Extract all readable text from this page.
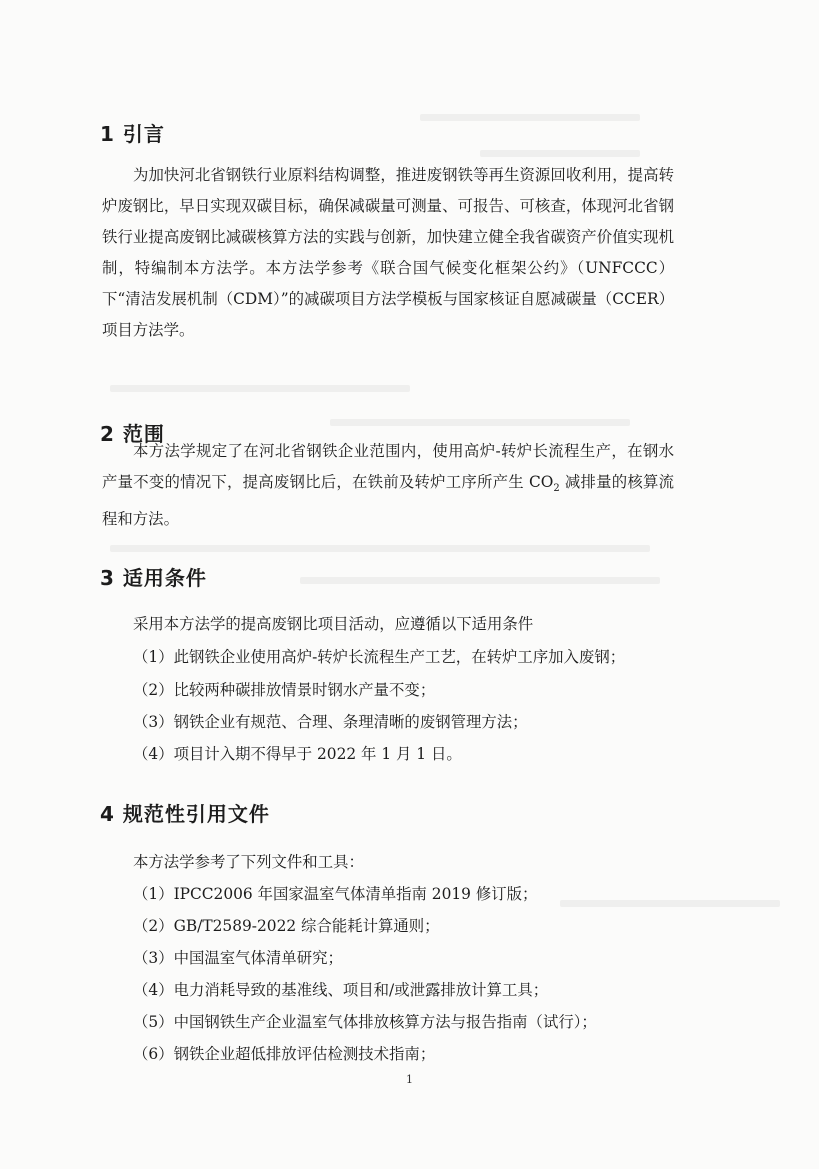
1 引言

为加快河北省钢铁行业原料结构调整，推进废钢铁等再生资源回收利用，提高转炉废钢比，早日实现双碳目标，确保减碳量可测量、可报告、可核查，体现河北省钢铁行业提高废钢比减碳核算方法的实践与创新，加快建立健全我省碳资产价值实现机制，特编制本方法学。本方法学参考《联合国气候变化框架公约》（UNFCCC）下“清洁发展机制（CDM）”的减碳项目方法学模板与国家核证自愿减碳量（CCER）项目方法学。

2 范围

本方法学规定了在河北省钢铁企业范围内，使用高炉-转炉长流程生产，在钢水产量不变的情况下，提高废钢比后，在铁前及转炉工序所产生 $CO_2$ 减排量的核算流程和方法。

3 适用条件

采用本方法学的提高废钢比项目活动，应遵循以下适用条件

（1）此钢铁企业使用高炉-转炉长流程生产工艺，在转炉工序加入废钢；

（2）比较两种碳排放情景时钢水产量不变；

（3）钢铁企业有规范、合理、条理清晰的废钢管理方法；

（4）项目计入期不得早于 2022 年 1 月 1 日。

4 规范性引用文件

本方法学参考了下列文件和工具：

（1）IPCC2006 年国家温室气体清单指南 2019 修订版；

（2）GB/T2589-2022 综合能耗计算通则；

（3）中国温室气体清单研究；

（4）电力消耗导致的基准线、项目和/或泄露排放计算工具；

（5）中国钢铁生产企业温室气体排放核算方法与报告指南（试行）；

（6）钢铁企业超低排放评估检测技术指南；

1
